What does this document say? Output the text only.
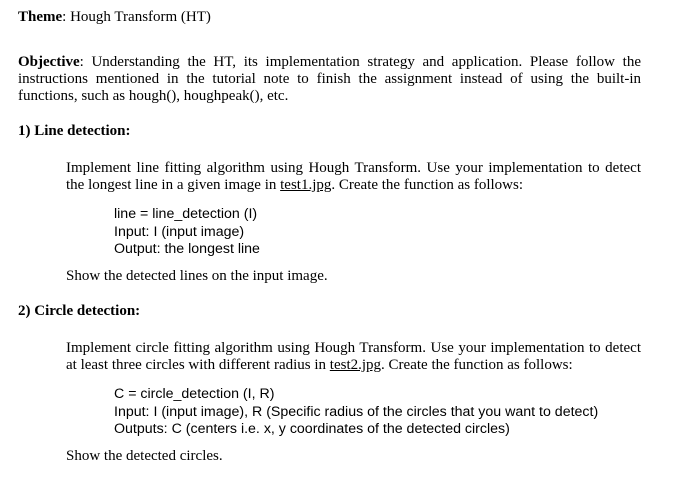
Theme: Hough Transform (HT)
Objective: Understanding the HT, its implementation strategy and application. Please follow the
instructions mentioned in the tutorial note to finish the assignment instead of using the built-in
functions, such as hough(), houghpeak(), etc.
1) Line detection:
Implement line fitting algorithm using Hough Transform. Use your implementation to detect
the longest line in a given image in test1.jpg. Create the function as follows:
line = line_detection (I)
Input: I (input image)
Output: the longest line
Show the detected lines on the input image.
2) Circle detection:
Implement circle fitting algorithm using Hough Transform. Use your implementation to detect
at least three circles with different radius in test2.jpg. Create the function as follows:
C = circle_detection (I, R)
Input: I (input image), R (Specific radius of the circles that you want to detect)
Outputs: C (centers i.e. x, y coordinates of the detected circles)
Show the detected circles.
